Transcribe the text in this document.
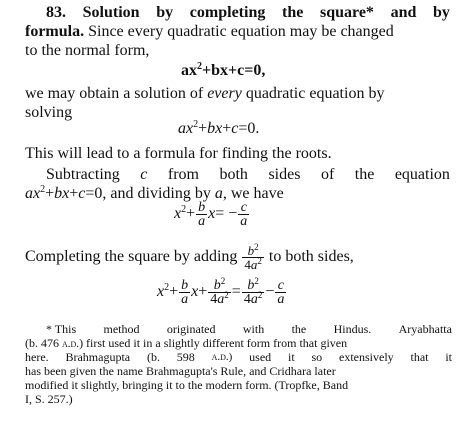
83. Solution by completing the square* and by
formula. Since every quadratic equation may be changed
to the normal form,
$ax^2+bx+c=0$,
we may obtain a solution of every quadratic equation by
solving
$ax^2+bx+c=0$.
This will lead to a formula for finding the roots.
Subtracting c from both sides of the equation
$ax^2+bx+c=0$, and dividing by a, we have
$x^2+ \frac{b}{a} x= - \frac{c}{a}$
Completing the square by adding $\frac{b^2}{4a^2}$ to both sides,
$x^2+ \frac{b}{a} x+ \frac{b^2}{4a^2} = \frac{b^2}{4a^2} - \frac{c}{a}$
* This method originated with the Hindus. Aryabhatta
(b. 476 a.d.) first used it in a slightly different form from that given
here. Brahmagupta (b. 598 a.d.) used it so extensively that it
has been given the name Brahmagupta's Rule, and Cridhara later
modified it slightly, bringing it to the modern form. (Tropfke, Band
I, S. 257.)
